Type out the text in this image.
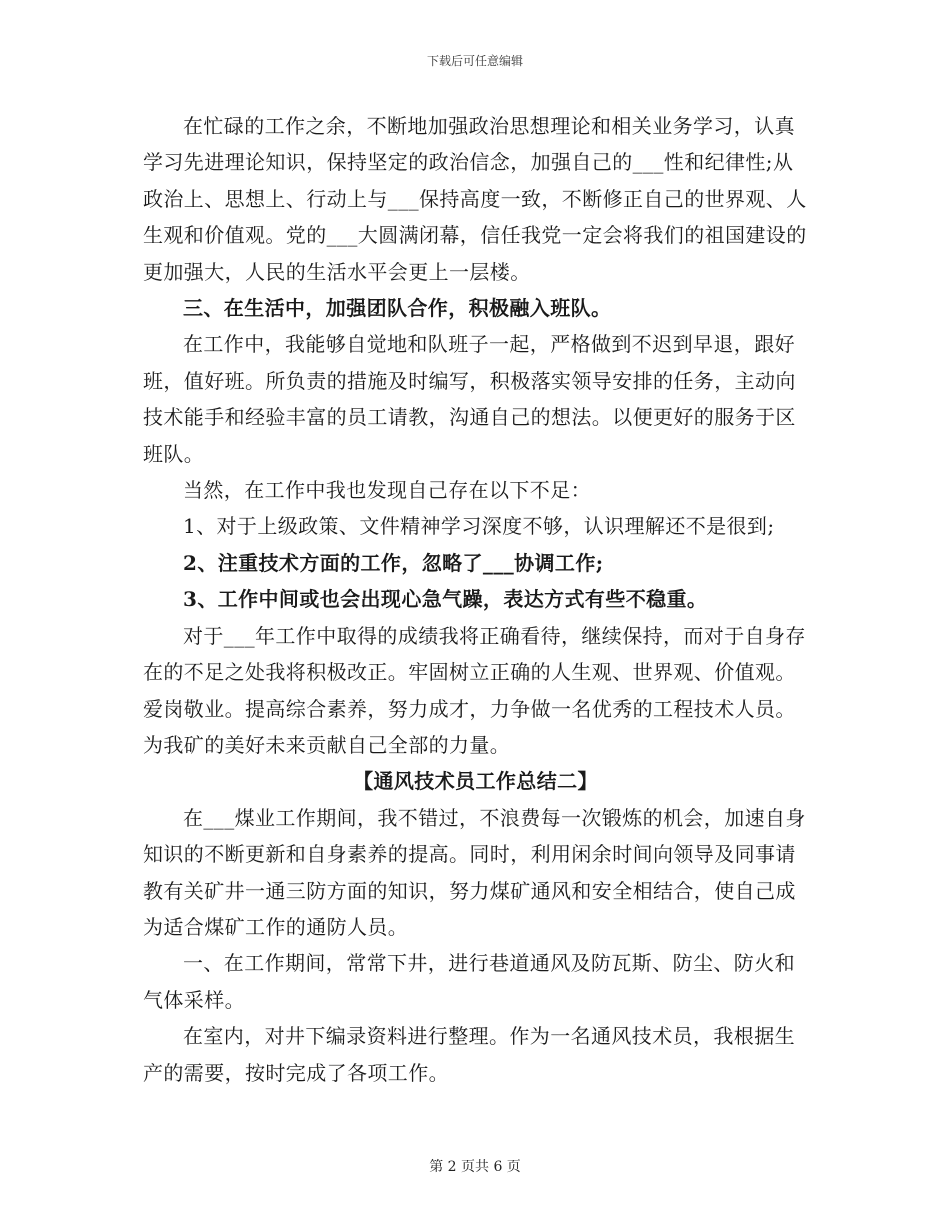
下载后可任意编辑

在忙碌的工作之余，不断地加强政治思想理论和相关业务学习，认真学习先进理论知识，保持坚定的政治信念，加强自己的___性和纪律性;从政治上、思想上、行动上与___保持高度一致，不断修正自己的世界观、人生观和价值观。党的___大圆满闭幕，信任我党一定会将我们的祖国建设的更加强大，人民的生活水平会更上一层楼。

三、在生活中，加强团队合作，积极融入班队。

在工作中，我能够自觉地和队班子一起，严格做到不迟到早退，跟好班，值好班。所负责的措施及时编写，积极落实领导安排的任务，主动向技术能手和经验丰富的员工请教，沟通自己的想法。以便更好的服务于区班队。

当然，在工作中我也发现自己存在以下不足：

1、对于上级政策、文件精神学习深度不够，认识理解还不是很到;

2、注重技术方面的工作，忽略了___协调工作;

3、工作中间或也会出现心急气躁，表达方式有些不稳重。

对于___年工作中取得的成绩我将正确看待，继续保持，而对于自身存在的不足之处我将积极改正。牢固树立正确的人生观、世界观、价值观。爱岗敬业。提高综合素养，努力成才，力争做一名优秀的工程技术人员。为我矿的美好未来贡献自己全部的力量。

【通风技术员工作总结二】

在___煤业工作期间，我不错过，不浪费每一次锻炼的机会，加速自身知识的不断更新和自身素养的提高。同时，利用闲余时间向领导及同事请教有关矿井一通三防方面的知识，努力煤矿通风和安全相结合，使自己成为适合煤矿工作的通防人员。

一、在工作期间，常常下井，进行巷道通风及防瓦斯、防尘、防火和气体采样。

在室内，对井下编录资料进行整理。作为一名通风技术员，我根据生产的需要，按时完成了各项工作。

第 2 页共 6 页
